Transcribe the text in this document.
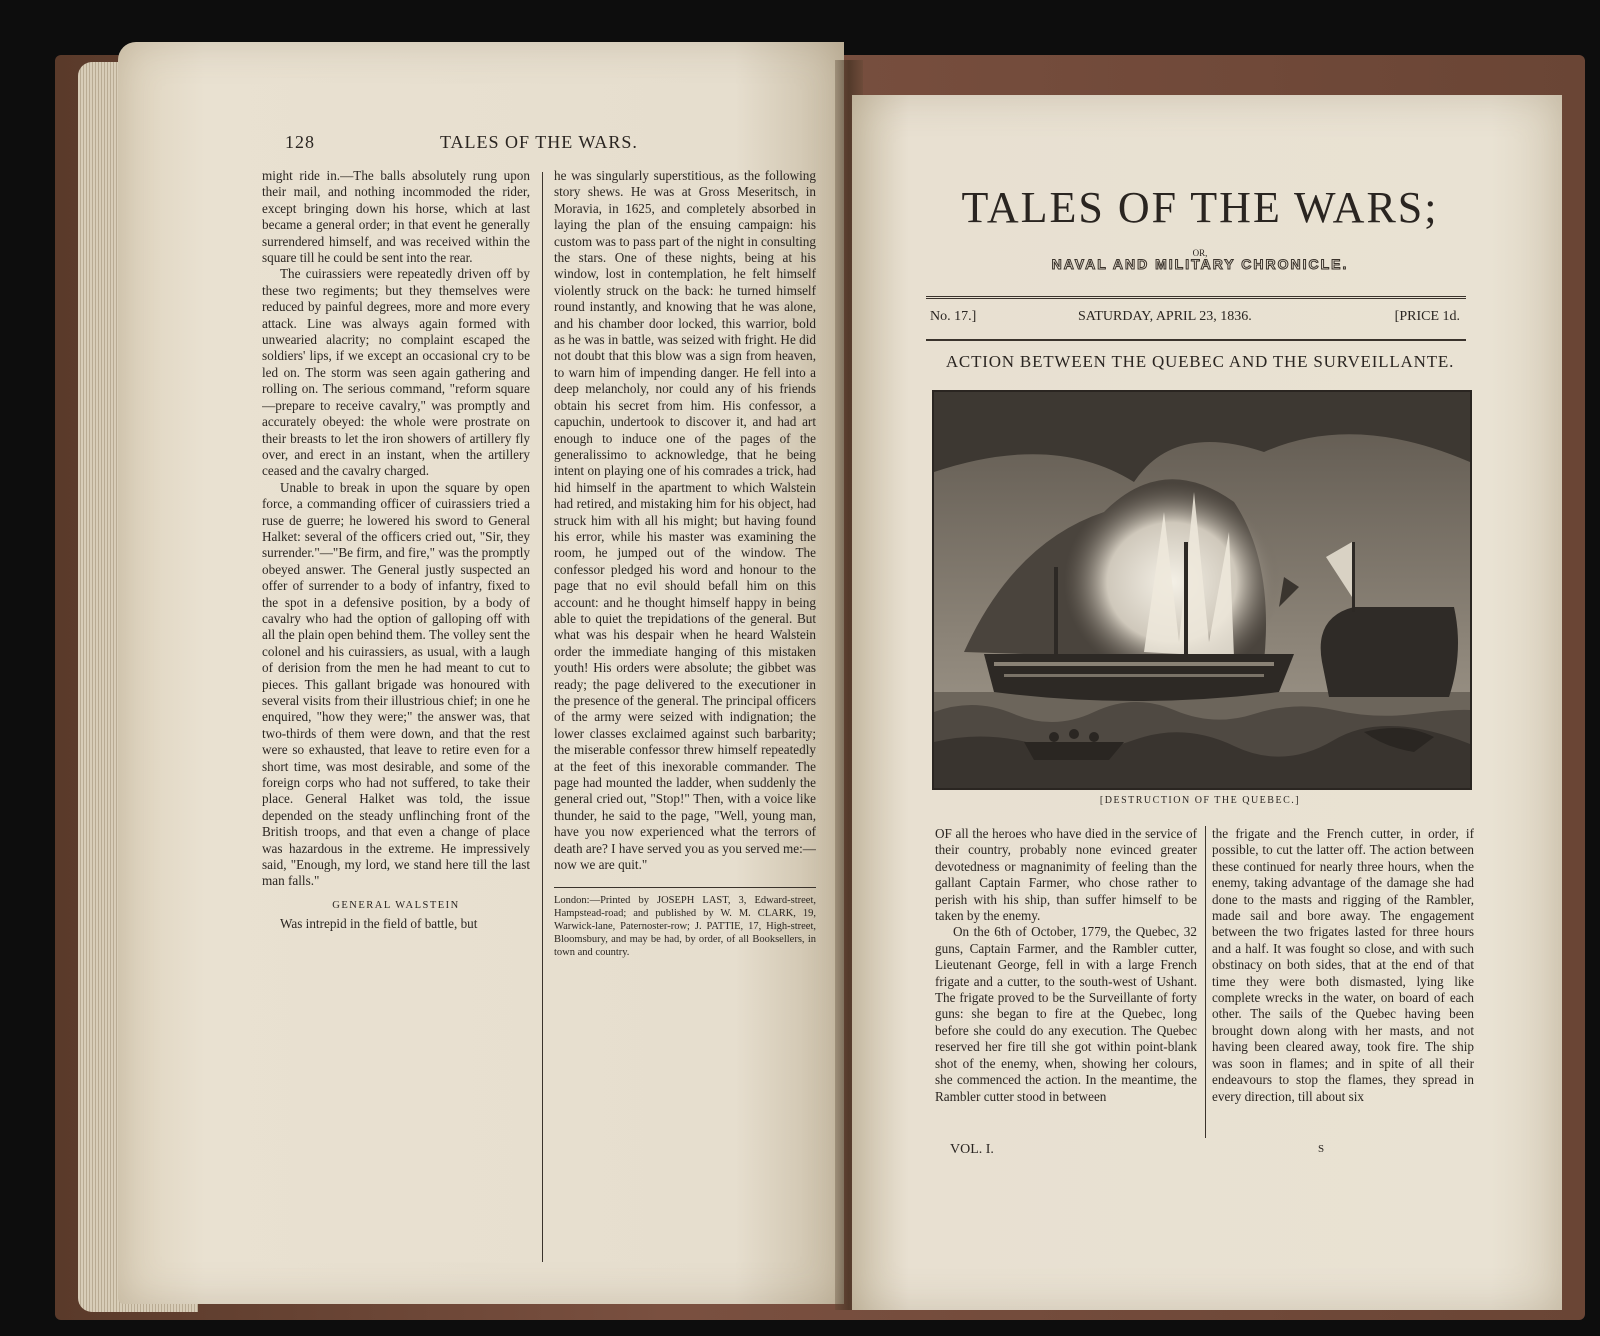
128	TALES OF THE WARS.

might ride in.—The balls absolutely rung upon their mail, and nothing incommoded the rider, except bringing down his horse, which at last became a general order; in that event he generally surrendered himself, and was received within the square till he could be sent into the rear.

The cuirassiers were repeatedly driven off by these two regiments; but they themselves were reduced by painful degrees, more and more every attack. Line was always again formed with unwearied alacrity; no complaint escaped the soldiers' lips, if we except an occasional cry to be led on. The storm was seen again gathering and rolling on. The serious command, "reform square—prepare to receive cavalry," was promptly and accurately obeyed: the whole were prostrate on their breasts to let the iron showers of artillery fly over, and erect in an instant, when the artillery ceased and the cavalry charged.

Unable to break in upon the square by open force, a commanding officer of cuirassiers tried a ruse de guerre; he lowered his sword to General Halket: several of the officers cried out, "Sir, they surrender."—"Be firm, and fire," was the promptly obeyed answer. The General justly suspected an offer of surrender to a body of infantry, fixed to the spot in a defensive position, by a body of cavalry who had the option of galloping off with all the plain open behind them. The volley sent the colonel and his cuirassiers, as usual, with a laugh of derision from the men he had meant to cut to pieces. This gallant brigade was honoured with several visits from their illustrious chief; in one he enquired, "how they were;" the answer was, that two-thirds of them were down, and that the rest were so exhausted, that leave to retire even for a short time, was most desirable, and some of the foreign corps who had not suffered, to take their place. General Halket was told, the issue depended on the steady unflinching front of the British troops, and that even a change of place was hazardous in the extreme. He impressively said, "Enough, my lord, we stand here till the last man falls."

GENERAL WALSTEIN

Was intrepid in the field of battle, but

he was singularly superstitious, as the following story shews. He was at Gross Meseritsch, in Moravia, in 1625, and completely absorbed in laying the plan of the ensuing campaign: his custom was to pass part of the night in consulting the stars. One of these nights, being at his window, lost in contemplation, he felt himself violently struck on the back: he turned himself round instantly, and knowing that he was alone, and his chamber door locked, this warrior, bold as he was in battle, was seized with fright. He did not doubt that this blow was a sign from heaven, to warn him of impending danger. He fell into a deep melancholy, nor could any of his friends obtain his secret from him. His confessor, a capuchin, undertook to discover it, and had art enough to induce one of the pages of the generalissimo to acknowledge, that he being intent on playing one of his comrades a trick, had hid himself in the apartment to which Walstein had retired, and mistaking him for his object, had struck him with all his might; but having found his error, while his master was examining the room, he jumped out of the window. The confessor pledged his word and honour to the page that no evil should befall him on this account: and he thought himself happy in being able to quiet the trepidations of the general. But what was his despair when he heard Walstein order the immediate hanging of this mistaken youth! His orders were absolute; the gibbet was ready; the page delivered to the executioner in the presence of the general. The principal officers of the army were seized with indignation; the lower classes exclaimed against such barbarity; the miserable confessor threw himself repeatedly at the feet of this inexorable commander. The page had mounted the ladder, when suddenly the general cried out, "Stop!" Then, with a voice like thunder, he said to the page, "Well, young man, have you now experienced what the terrors of death are? I have served you as you served me:—now we are quit."

London:—Printed by JOSEPH LAST, 3, Edward-street, Hampstead-road; and published by W. M. CLARK, 19, Warwick-lane, Paternoster-row; J. PATTIE, 17, High-street, Bloomsbury, and may be had, by order, of all Booksellers, in town and country.
TALES OF THE WARS;
OR,
NAVAL AND MILITARY CHRONICLE.
No. 17.]	SATURDAY, APRIL 23, 1836.	[PRICE 1d.
ACTION BETWEEN THE QUEBEC AND THE SURVEILLANTE.
[DESTRUCTION OF THE QUEBEC.]

OF all the heroes who have died in the service of their country, probably none evinced greater devotedness or magnanimity of feeling than the gallant Captain Farmer, who chose rather to perish with his ship, than suffer himself to be taken by the enemy.

On the 6th of October, 1779, the Quebec, 32 guns, Captain Farmer, and the Rambler cutter, Lieutenant George, fell in with a large French frigate and a cutter, to the south-west of Ushant. The frigate proved to be the Surveillante of forty guns: she began to fire at the Quebec, long before she could do any execution. The Quebec reserved her fire till she got within point-blank shot of the enemy, when, showing her colours, she commenced the action. In the meantime, the Rambler cutter stood in between

the frigate and the French cutter, in order, if possible, to cut the latter off. The action between these continued for nearly three hours, when the enemy, taking advantage of the damage she had done to the masts and rigging of the Rambler, made sail and bore away. The engagement between the two frigates lasted for three hours and a half. It was fought so close, and with such obstinacy on both sides, that at the end of that time they were both dismasted, lying like complete wrecks in the water, on board of each other. The sails of the Quebec having been brought down along with her masts, and not having been cleared away, took fire. The ship was soon in flames; and in spite of all their endeavours to stop the flames, they spread in every direction, till about six

VOL. I.	S
